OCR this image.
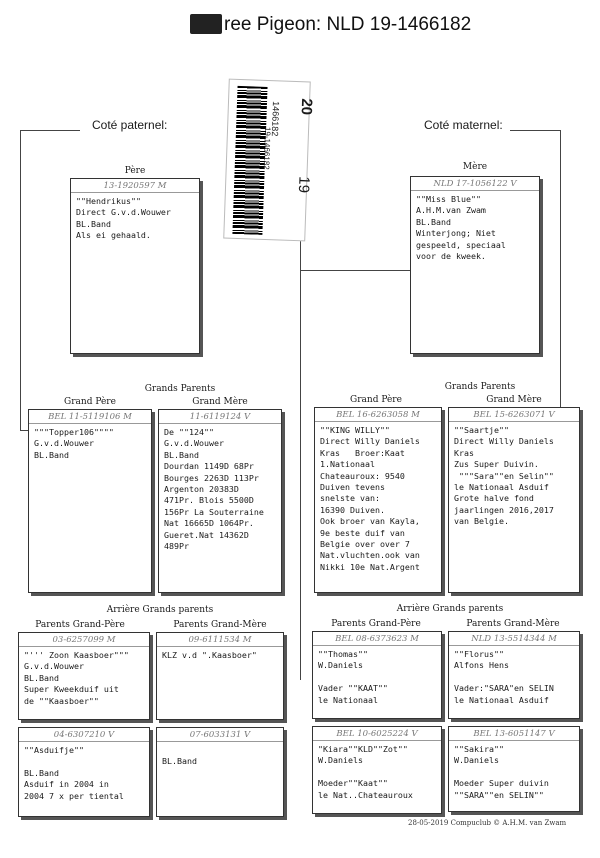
ree Pigeon: NLD 19-1466182
Coté paternel:	Coté maternel:
1466182
19-1466182
20
19
Père
13-1920597 M
""Hendrikus""
Direct G.v.d.Wouwer
BL.Band
Als ei gehaald.
Mère
NLD 17-1056122 V
""Miss Blue""
A.H.M.van Zwam
BL.Band
Winterjong; Niet
gespeeld, speciaal
voor de kweek.
Grands Parents	Grands Parents
Grand Père	Grand Mère	Grand Père	Grand Mère
BEL 11-5119106 M
"""Topper106""""
G.v.d.Wouwer
BL.Band
11-6119124 V
De ""124""
G.v.d.Wouwer
BL.Band
Dourdan 1149D 68Pr
Bourges 2263D 113Pr
Argenton 20383D
471Pr. Blois 5500D
156Pr La Souterraine
Nat 16665D 1064Pr.
Gueret.Nat 14362D
489Pr
BEL 16-6263058 M
""KING WILLY""
Direct Willy Daniels
Kras   Broer:Kaat
1.Nationaal
Chateauroux: 9540
Duiven tevens
snelste van:
16390 Duiven.
Ook broer van Kayla,
9e beste duif van
Belgie over over 7
Nat.vluchten.ook van
Nikki 10e Nat.Argent
BEL 15-6263071 V
""Saartje""
Direct Willy Daniels
Kras
Zus Super Duivin.
"""Sara""en Selin""
le Nationaal Asduif
Grote halve fond
jaarlingen 2016,2017
van Belgie.
Arrière Grands parents	Arrière Grands parents
Parents Grand-Père	Parents Grand-Mère	Parents Grand-Père	Parents Grand-Mère
03-6257099 M
"''' Zoon Kaasboer"""
G.v.d.Wouwer
BL.Band
Super Kweekduif uit
de ""Kaasboer""
04-6307210 V
""Asduifje""

BL.Band
Asduif in 2004 in
2004 7 x per tiental
09-6111534 M
KLZ v.d ".Kaasboer"
07-6033131 V

BL.Band
BEL 08-6373623 M
""Thomas""
W.Daniels

Vader ""KAAT""
le Nationaal
BEL 10-6025224 V
"Kiara""KLD""Zot""
W.Daniels

Moeder""Kaat""
le Nat..Chateauroux
NLD 13-5514344 M
""Florus""
Alfons Hens

Vader:"SARA"en SELIN
le Nationaal Asduif
BEL 13-6051147 V
""Sakira""
W.Daniels

Moeder Super duivin
""SARA""en SELIN""
28-05-2019 Compuclub © A.H.M. van Zwam
